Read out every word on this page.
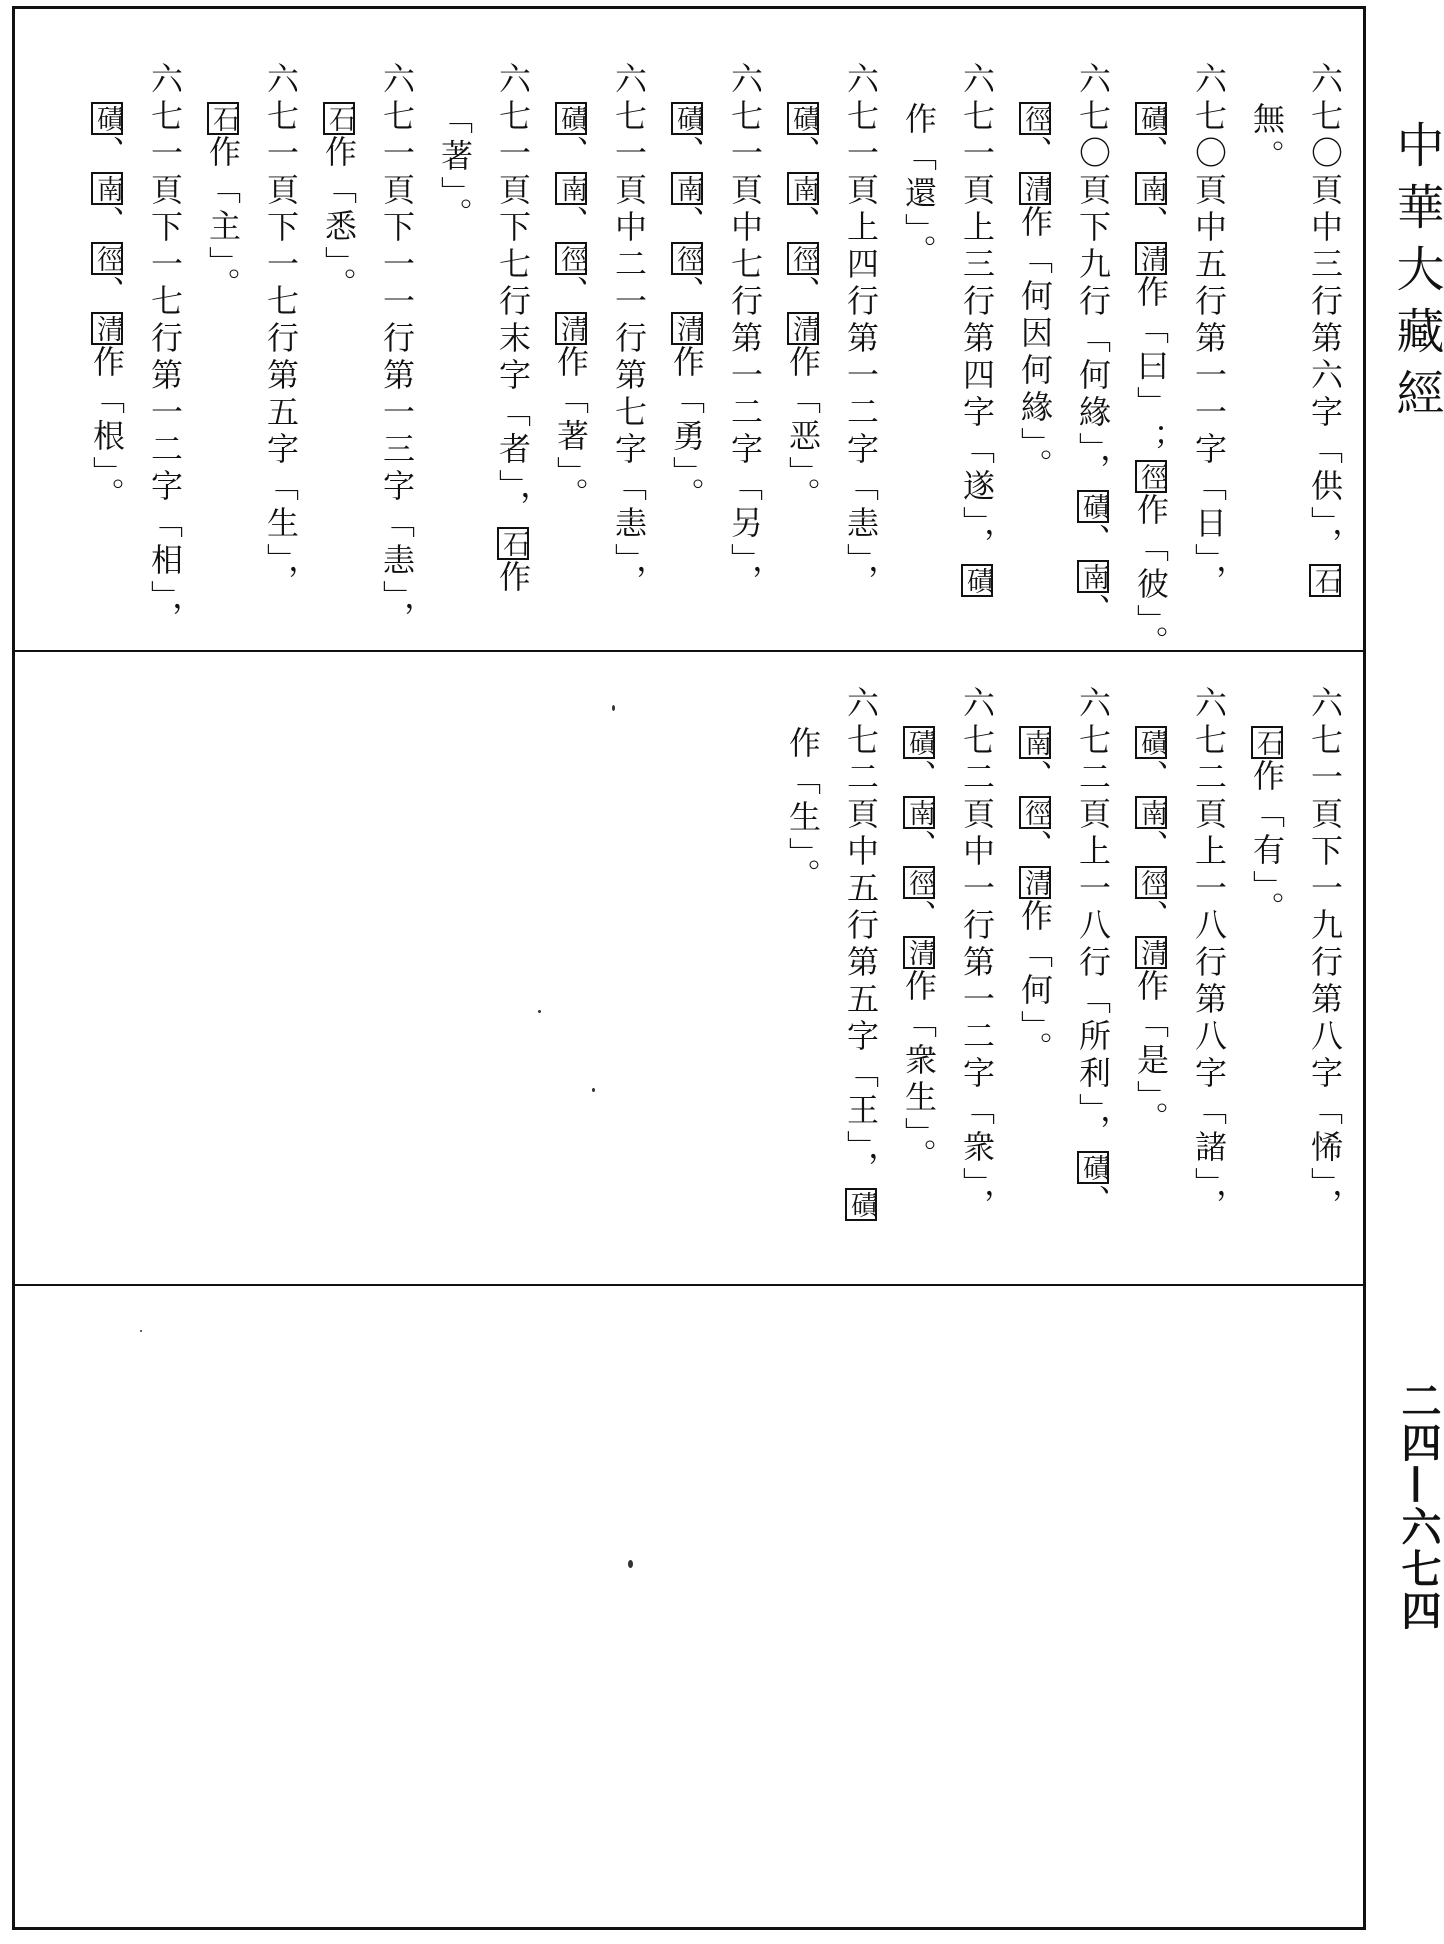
中華大藏經
二四—六七四
六七〇頁中三行第六字「供」，石
無。
六七〇頁中五行第一一字「日」，
磧、南、清作「曰」；徑作「彼」。
六七〇頁下九行「何緣」，磧、南、
徑、清作「何因何緣」。
六七一頁上三行第四字「遂」，磧
作「還」。
六七一頁上四行第一二字「恚」，
磧、南、徑、清作「恶」。
六七一頁中七行第一二字「另」，
磧、南、徑、清作「勇」。
六七一頁中二一行第七字「恚」，
磧、南、徑、清作「著」。
六七一頁下七行末字「者」，石作
「著」。
六七一頁下一一行第一三字「恚」，
石作「悉」。
六七一頁下一七行第五字「生」，
石作「主」。
六七一頁下一七行第一二字「相」，
磧、南、徑、清作「根」。
六七一頁下一九行第八字「悕」，
石作「有」。
六七二頁上一八行第八字「諸」，
磧、南、徑、清作「是」。
六七二頁上一八行「所利」，磧、
南、徑、清作「何」。
六七二頁中一行第一二字「衆」，
磧、南、徑、清作「衆生」。
六七二頁中五行第五字「王」，磧
作「生」。
